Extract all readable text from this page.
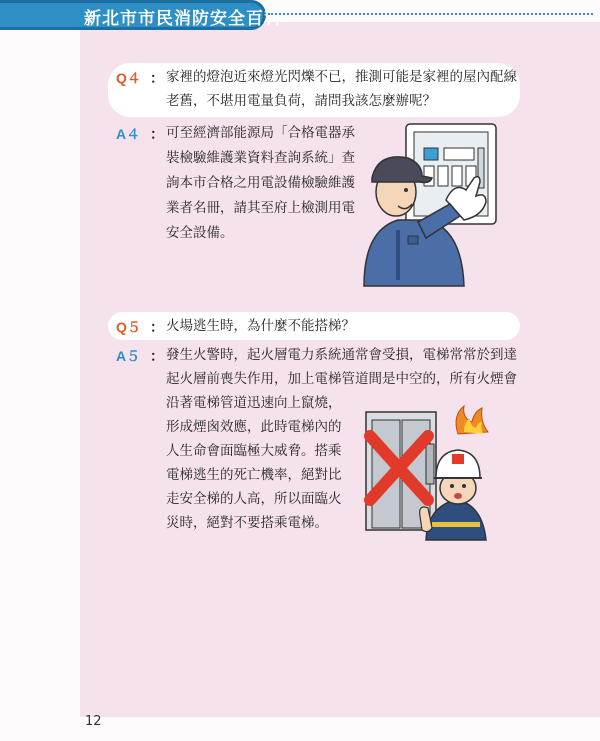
新北市市民消防安全百科
Q４ ： 家裡的燈泡近來燈光閃爍不已，推測可能是家裡的屋內配線
老舊，不堪用電量負荷，請問我該怎麼辦呢？
A４ ： 可至經濟部能源局「合格電器承
裝檢驗維護業資料查詢系統」查
詢本市合格之用電設備檢驗維護
業者名冊，請其至府上檢測用電
安全設備。
Q５ ： 火場逃生時，為什麼不能搭梯？
A５ ： 發生火警時，起火層電力系統通常會受損，電梯常常於到達
起火層前喪失作用，加上電梯管道間是中空的，所有火煙會
沿著電梯管道迅速向上竄燒，
形成煙囪效應，此時電梯內的
人生命會面臨極大威脅。搭乘
電梯逃生的死亡機率，絕對比
走安全梯的人高，所以面臨火
災時，絕對不要搭乘電梯。
12
